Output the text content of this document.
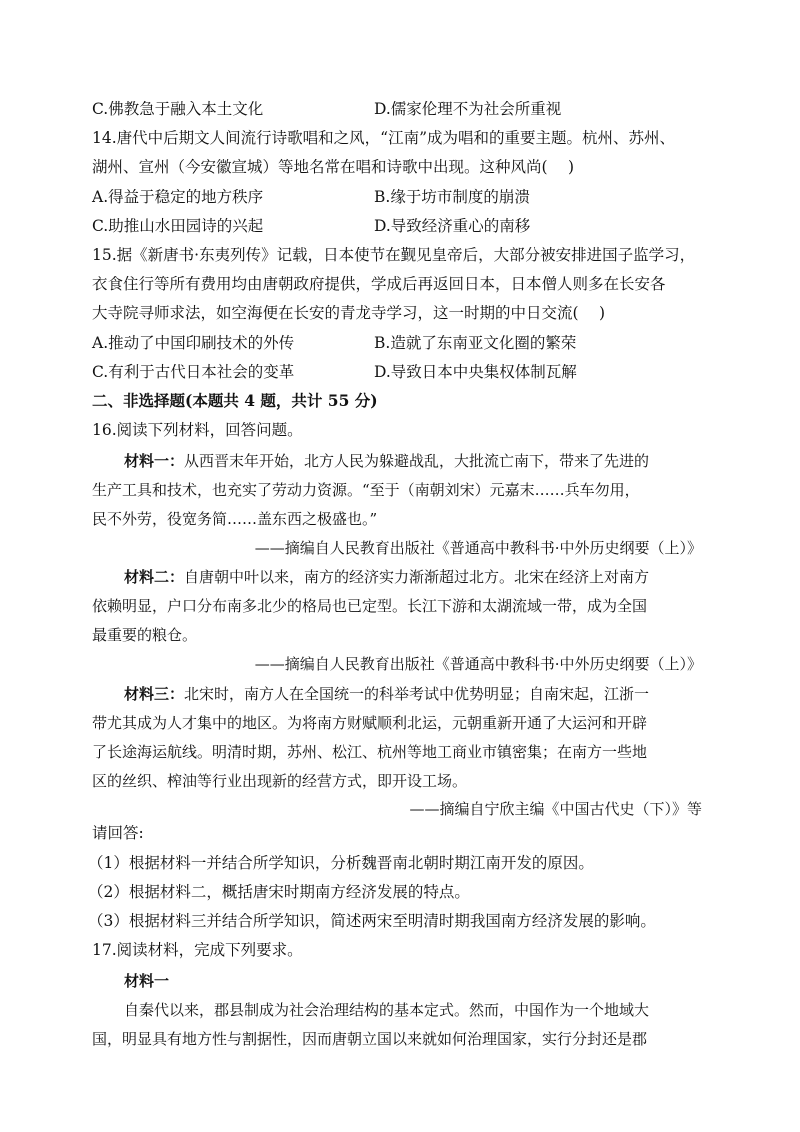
C.佛教急于融入本土文化	D.儒家伦理不为社会所重视
14.唐代中后期文人间流行诗歌唱和之风，“江南”成为唱和的重要主题。杭州、苏州、
湖州、宣州（今安徽宣城）等地名常在唱和诗歌中出现。这种风尚(　 )
A.得益于稳定的地方秩序	B.缘于坊市制度的崩溃
C.助推山水田园诗的兴起	D.导致经济重心的南移
15.据《新唐书·东夷列传》记载，日本使节在觐见皇帝后，大部分被安排进国子监学习，
衣食住行等所有费用均由唐朝政府提供，学成后再返回日本，日本僧人则多在长安各
大寺院寻师求法，如空海便在长安的青龙寺学习，这一时期的中日交流(　 )
A.推动了中国印刷技术的外传	B.造就了东南亚文化圈的繁荣
C.有利于古代日本社会的变革	D.导致日本中央集权体制瓦解
二、非选择题(本题共 4 题，共计 55 分)
16.阅读下列材料，回答问题。
材料一：从西晋末年开始，北方人民为躲避战乱，大批流亡南下，带来了先进的
生产工具和技术，也充实了劳动力资源。“至于（南朝刘宋）元嘉末……兵车勿用，
民不外劳，役宽务简……盖东西之极盛也。”
——摘编自人民教育出版社《普通高中教科书·中外历史纲要（上）》
材料二：自唐朝中叶以来，南方的经济实力渐渐超过北方。北宋在经济上对南方
依赖明显，户口分布南多北少的格局也已定型。长江下游和太湖流域一带，成为全国
最重要的粮仓。
——摘编自人民教育出版社《普通高中教科书·中外历史纲要（上）》
材料三：北宋时，南方人在全国统一的科举考试中优势明显；自南宋起，江浙一
带尤其成为人才集中的地区。为将南方财赋顺利北运，元朝重新开通了大运河和开辟
了长途海运航线。明清时期，苏州、松江、杭州等地工商业市镇密集；在南方一些地
区的丝织、榨油等行业出现新的经营方式，即开设工场。
——摘编自宁欣主编《中国古代史（下）》等
请回答:
（1）根据材料一并结合所学知识，分析魏晋南北朝时期江南开发的原因。
（2）根据材料二，概括唐宋时期南方经济发展的特点。
（3）根据材料三并结合所学知识，简述两宋至明清时期我国南方经济发展的影响。
17.阅读材料，完成下列要求。
材料一
自秦代以来，郡县制成为社会治理结构的基本定式。然而，中国作为一个地域大
国，明显具有地方性与割据性，因而唐朝立国以来就如何治理国家，实行分封还是郡
